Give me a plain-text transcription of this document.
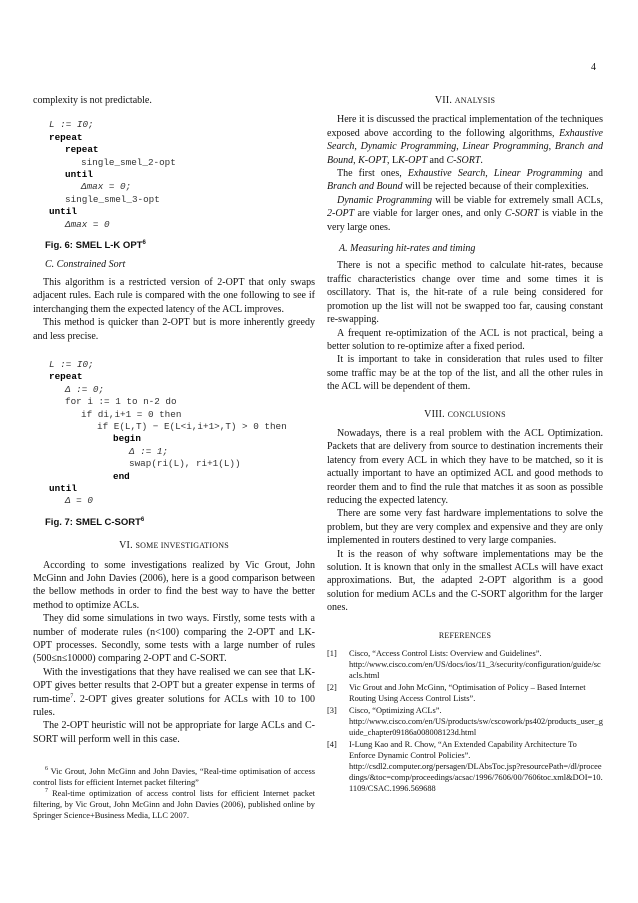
4

complexity is not predictable.

L := I0;
repeat
repeat
single_smel_2-opt
until
Δmax = 0;
single_smel_3-opt
until
Δmax = 0
Fig. 6: SMEL L-K OPT$^6$
C. Constrained Sort

This algorithm is a restricted version of 2-OPT that only swaps adjacent rules. Each rule is compared with the one following to see if interchanging them the expected latency of the ACL improves.

This method is quicker than 2-OPT but is more inherently greedy and less precise.

L := I0;
repeat
Δ := 0;
for i := 1 to n-2 do
if di,i+1 = 0 then
if E(L,T) − E(L<i,i+1>,T) > 0 then
begin
Δ := 1;
swap(ri(L), ri+1(L))
end
until
Δ = 0
Fig. 7: SMEL C-SORT$^6$
VI. SOME INVESTIGATIONS

According to some investigations realized by Vic Grout, John McGinn and John Davies (2006), here is a good comparison between the bellow methods in order to find the best way to have the better method to optimize ACLs.

They did some simulations in two ways. Firstly, some tests with a number of moderate rules (n<100) comparing the 2-OPT and LK-OPT processes. Secondly, some tests with a large number of rules (500≤n≤10000) comparing 2-OPT and C-SORT.

With the investigations that they have realised we can see that LK-OPT gives better results that 2-OPT but a greater expense in terms of rum-time$^7$. 2-OPT gives greater solutions for ACLs with 10 to 100 rules.

The 2-OPT heuristic will not be appropriate for large ACLs and C-SORT will perform well in this case.

$^6$ Vic Grout, John McGinn and John Davies, “Real-time optimisation of access control lists for efficient Internet packet filtering”

$^7$ Real-time optimization of access control lists for efficient Internet packet filtering, by Vic Grout, John McGinn and John Davies (2006), published online by Springer Science+Business Media, LLC 2007.

VII. ANALYSIS

Here it is discussed the practical implementation of the techniques exposed above according to the following algorithms, Exhaustive Search, Dynamic Programming, Linear Programming, Branch and Bound, K-OPT, LK-OPT and C-SORT.

The first ones, Exhaustive Search, Linear Programming and Branch and Bound will be rejected because of their complexities.

Dynamic Programming will be viable for extremely small ACLs, 2-OPT are viable for larger ones, and only C-SORT is viable in the very large ones.

A. Measuring hit-rates and timing

There is not a specific method to calculate hit-rates, because traffic characteristics change over time and some times it is oscillatory. That is, the hit-rate of a rule being considered for promotion up the list will not be swapped too far, causing constant re-swapping.

A frequent re-optimization of the ACL is not practical, being a better solution to re-optimize after a fixed period.

It is important to take in consideration that rules used to filter some traffic may be at the top of the list, and all the other rules in the ACL will be dependent of them.

VIII. CONCLUSIONS

Nowadays, there is a real problem with the ACL Optimization. Packets that are delivery from source to destination increments their latency from every ACL in which they have to be matched, so it is actually important to have an optimized ACL and good methods to reorder them and to find the rule that matches it as soon as possible reducing the expected latency.

There are some very fast hardware implementations to solve the problem, but they are very complex and expensive and they are only implemented in routers destined to very large companies.

It is the reason of why software implementations may be the solution. It is known that only in the smallest ACLs will have exact approximations. But, the adapted 2-OPT algorithm is a good solution for medium ACLs and the C-SORT algorithm for the larger ones.

REFERENCES
[1]	Cisco, “Access Control Lists: Overview and Guidelines”.
http://www.cisco.com/en/US/docs/ios/11_3/security/configuration/guide/scacls.html
[2]	Vic Grout and John McGinn, “Optimisation of Policy – Based Internet Routing Using Access Control Lists”.
[3]	Cisco, “Optimizing ACLs”.
http://www.cisco.com/en/US/products/sw/cscowork/ps402/products_user_guide_chapter09186a008008123d.html
[4]	I-Lung Kao and R. Chow, “An Extended Capability Architecture To Enforce Dynamic Control Policies”.
http://csdl2.computer.org/persagen/DLAbsToc.jsp?resourcePath=/dl/proceedings/&toc=comp/proceedings/acsac/1996/7606/00/7606toc.xml&DOI=10.1109/CSAC.1996.569688
